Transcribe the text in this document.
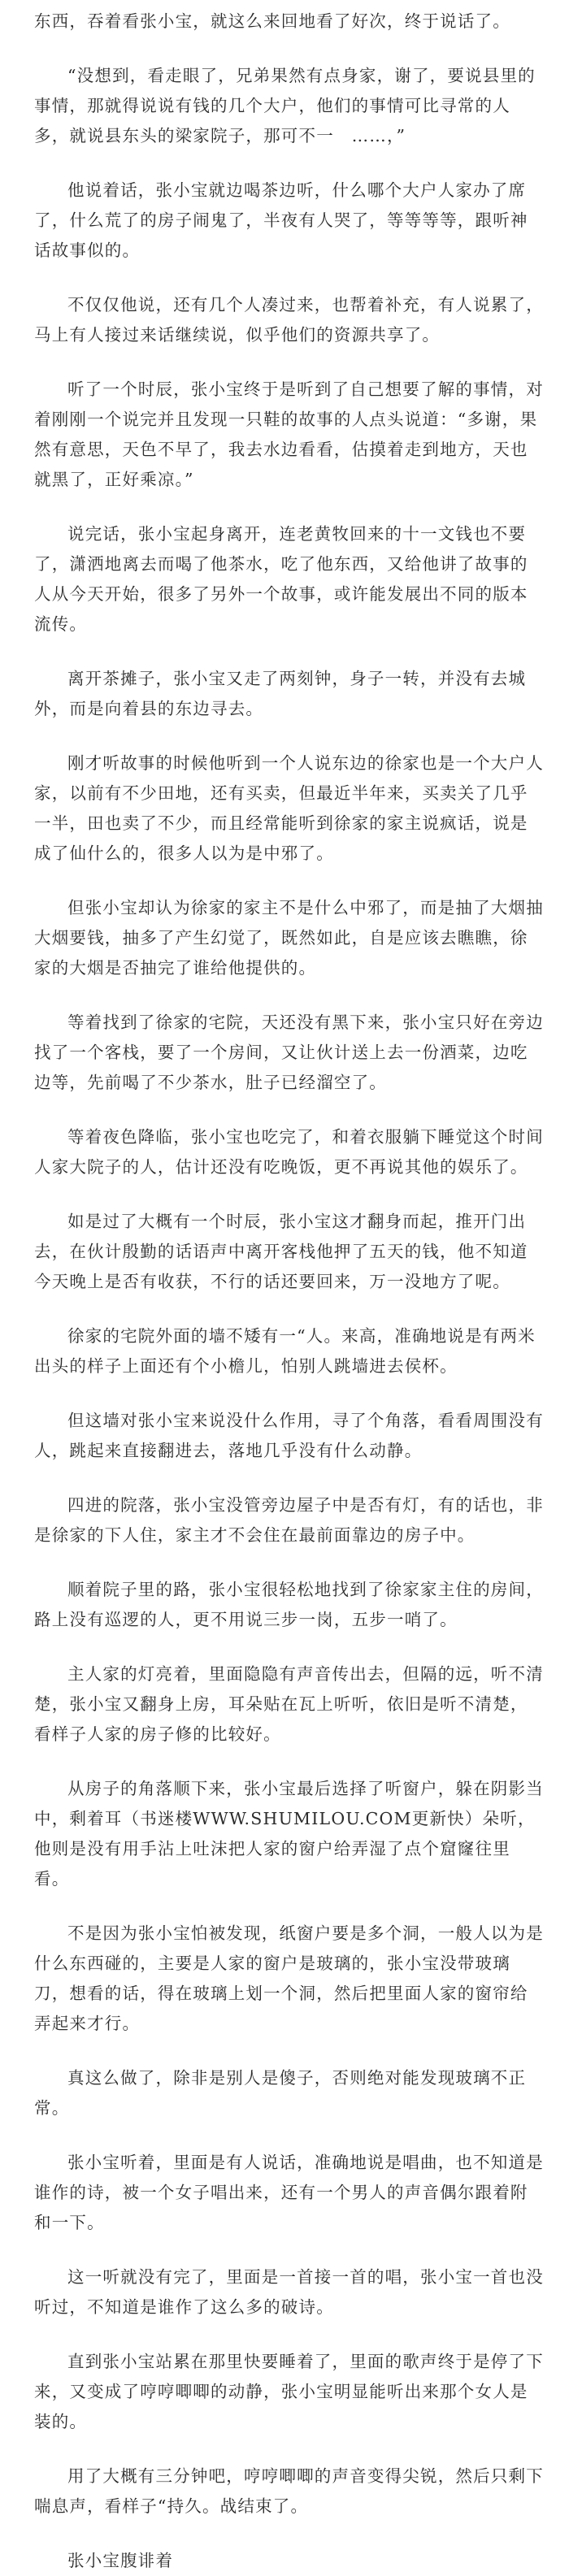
东西，吞着看张小宝，就这么来回地看了好次，终于说话了。

“没想到，看走眼了，兄弟果然有点身家，谢了，要说县里的事情，那就得说说有钱的几个大户，他们的事情可比寻常的人多，就说县东头的梁家院子，那可不一　……，”

他说着话，张小宝就边喝茶边听，什么哪个大户人家办了席了，什么荒了的房子闹鬼了，半夜有人哭了，等等等等，跟听神话故事似的。

不仅仅他说，还有几个人凑过来，也帮着补充，有人说累了，马上有人接过来话继续说，似乎他们的资源共享了。

听了一个时辰，张小宝终于是听到了自己想要了解的事情，对着刚刚一个说完并且发现一只鞋的故事的人点头说道：“多谢，果然有意思，天色不早了，我去水边看看，估摸着走到地方，天也就黑了，正好乘凉。”

说完话，张小宝起身离开，连老黄牧回来的十一文钱也不要了，潇洒地离去而喝了他茶水，吃了他东西，又给他讲了故事的人从今天开始，很多了另外一个故事，或许能发展出不同的版本流传。

离开茶摊子，张小宝又走了两刻钟，身子一转，并没有去城外，而是向着县的东边寻去。

刚才听故事的时候他听到一个人说东边的徐家也是一个大户人家，以前有不少田地，还有买卖，但最近半年来，买卖关了几乎一半，田也卖了不少，而且经常能听到徐家的家主说疯话，说是成了仙什么的，很多人以为是中邪了。

但张小宝却认为徐家的家主不是什么中邪了，而是抽了大烟抽大烟要钱，抽多了产生幻觉了，既然如此，自是应该去瞧瞧，徐家的大烟是否抽完了谁给他提供的。

等着找到了徐家的宅院，天还没有黑下来，张小宝只好在旁边找了一个客栈，要了一个房间，又让伙计送上去一份酒菜，边吃边等，先前喝了不少茶水，肚子已经溜空了。

等着夜色降临，张小宝也吃完了，和着衣服躺下睡觉这个时间人家大院子的人，估计还没有吃晚饭，更不再说其他的娱乐了。

如是过了大概有一个时辰，张小宝这才翻身而起，推开门出去，在伙计殷勤的话语声中离开客栈他押了五天的钱，他不知道今天晚上是否有收获，不行的话还要回来，万一没地方了呢。

徐家的宅院外面的墙不矮有一“人。来高，准确地说是有两米出头的样子上面还有个小檐儿，怕别人跳墙进去侯杯。

但这墙对张小宝来说没什么作用，寻了个角落，看看周围没有人，跳起来直接翻进去，落地几乎没有什么动静。

四进的院落，张小宝没管旁边屋子中是否有灯，有的话也，非是徐家的下人住，家主才不会住在最前面靠边的房子中。

顺着院子里的路，张小宝很轻松地找到了徐家家主住的房间，路上没有巡逻的人，更不用说三步一岗，五步一哨了。

主人家的灯亮着，里面隐隐有声音传出去，但隔的远，听不清楚，张小宝又翻身上房，耳朵贴在瓦上听听，依旧是听不清楚，看样子人家的房子修的比较好。

从房子的角落顺下来，张小宝最后选择了听窗户，躲在阴影当中，剩着耳（书迷楼WWW.SHUMILOU.COM更新快）朵听，他则是没有用手沾上吐沫把人家的窗户给弄湿了点个窟窿往里看。

不是因为张小宝怕被发现，纸窗户要是多个洞，一般人以为是什么东西碰的，主要是人家的窗户是玻璃的，张小宝没带玻璃刀，想看的话，得在玻璃上划一个洞，然后把里面人家的窗帘给弄起来才行。

真这么做了，除非是别人是傻子，否则绝对能发现玻璃不正常。

张小宝听着，里面是有人说话，准确地说是唱曲，也不知道是谁作的诗，被一个女子唱出来，还有一个男人的声音偶尔跟着附和一下。

这一听就没有完了，里面是一首接一首的唱，张小宝一首也没听过，不知道是谁作了这么多的破诗。

直到张小宝站累在那里快要睡着了，里面的歌声终于是停了下来，又变成了哼哼唧唧的动静，张小宝明显能听出来那个女人是装的。

用了大概有三分钟吧，哼哼唧唧的声音变得尖锐，然后只剩下喘息声，看样子“持久。战结束了。

张小宝腹诽着
